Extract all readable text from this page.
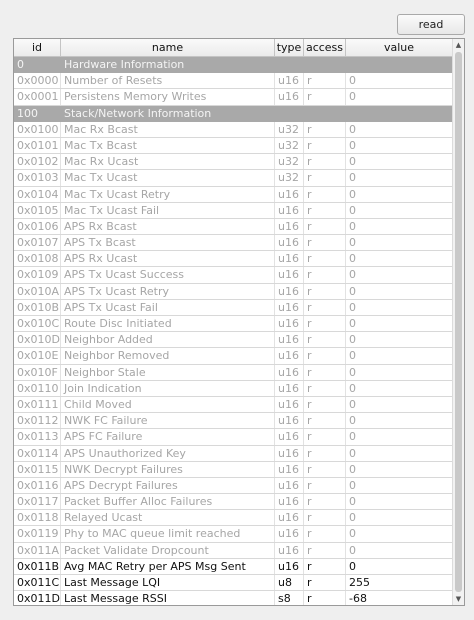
read
id	name	type access	value
0	Hardware Information
0x0000 Number of Resets	u16 r	0
0x0001 Persistens Memory Writes	u16 r	0
100	Stack/Network Information
0x0100 Mac Rx Bcast	u32 r	0
0x0101 Mac Tx Bcast	u32 r	0
0x0102 Mac Rx Ucast	u32 r	0
0x0103 Mac Tx Ucast	u32 r	0
0x0104 Mac Tx Ucast Retry	u16 r	0
0x0105 Mac Tx Ucast Fail	u16 r	0
0x0106 APS Rx Bcast	u16 r	0
0x0107 APS Tx Bcast	u16 r	0
0x0108 APS Rx Ucast	u16 r	0
0x0109 APS Tx Ucast Success	u16 r	0
0x010A APS Tx Ucast Retry	u16 r	0
0x010B APS Tx Ucast Fail	u16 r	0
0x010C Route Disc Initiated	u16 r	0
0x010D Neighbor Added	u16 r	0
0x010E Neighbor Removed	u16 r	0
0x010F Neighbor Stale	u16 r	0
0x0110 Join Indication	u16 r	0
0x0111 Child Moved	u16 r	0
0x0112 NWK FC Failure	u16 r	0
0x0113 APS FC Failure	u16 r	0
0x0114 APS Unauthorized Key	u16 r	0
0x0115 NWK Decrypt Failures	u16 r	0
0x0116 APS Decrypt Failures	u16 r	0
0x0117 Packet Buffer Alloc Failures	u16 r	0
0x0118 Relayed Ucast	u16 r	0
0x0119 Phy to MAC queue limit reached	u16 r	0
0x011A Packet Validate Dropcount	u16 r	0
0x011B Avg MAC Retry per APS Msg Sent	u16 r	0
0x011C Last Message LQI	u8	r	255
0x011D Last Message RSSI	s8	r	-68
▲
▼
